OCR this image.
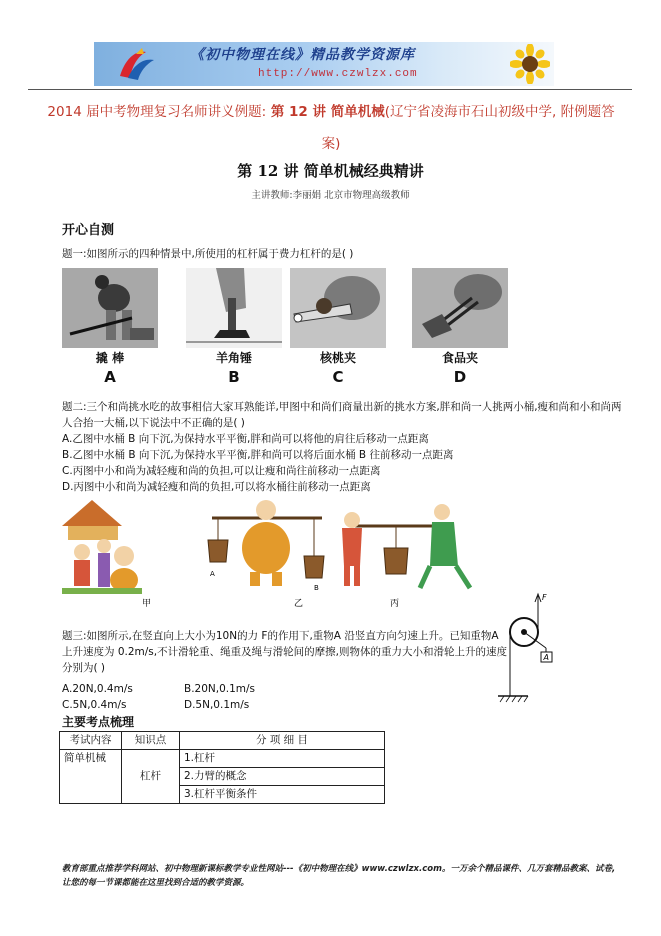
《初中物理在线》精品教学资源库
http://www.czwlzx.com
2014 届中考物理复习名师讲义例题: 第 12 讲 简单机械(辽宁省凌海市石山初级中学, 附例题答案)
第 12 讲 简单机械经典精讲
主讲教师:李丽娟 北京市物理高级教师
开心自测
题一:如图所示的四种情景中,所使用的杠杆属于费力杠杆的是( )
撬 棒	羊角锤	核桃夹	食品夹
A	B	C	D
题二:三个和尚挑水吃的故事相信大家耳熟能详,甲图中和尚们商量出新的挑水方案,胖和尚一人挑两小桶,瘦和尚和小和尚两人合抬一大桶,以下说法中不正确的是( )
A.乙图中水桶 B 向下沉,为保持水平平衡,胖和尚可以将他的肩往后移动一点距离
B.乙图中水桶 B 向下沉,为保持水平平衡,胖和尚可以将后面水桶 B 往前移动一点距离
C.丙图中小和尚为减轻瘦和尚的负担,可以让瘦和尚往前移动一点距离
D.丙图中小和尚为减轻瘦和尚的负担,可以将水桶往前移动一点距离
甲
A
B
乙	丙
题三:如图所示,在竖直向上大小为10N的力 F的作用下,重物A 沿竖直方向匀速上升。已知重物A 上升速度为 0.2m/s,不计滑轮重、绳重及绳与滑轮间的摩擦,则物体的重力大小和滑轮上升的速度分别为( )
A.20N,0.4m/s	B.20N,0.1m/s
C.5N,0.4m/s	D.5N,0.1m/s
F
A
主要考点梳理
考试内容	知识点	分 项 细 目
简单机械	杠杆	1.杠杆
		2.力臂的概念
		3.杠杆平衡条件
教育部重点推荐学科网站、初中物理新课标教学专业性网站---《初中物理在线》www.czwlzx.com。一万余个精品课件、几万套精品教案、试卷,让您的每一节课都能在这里找到合适的教学资源。
